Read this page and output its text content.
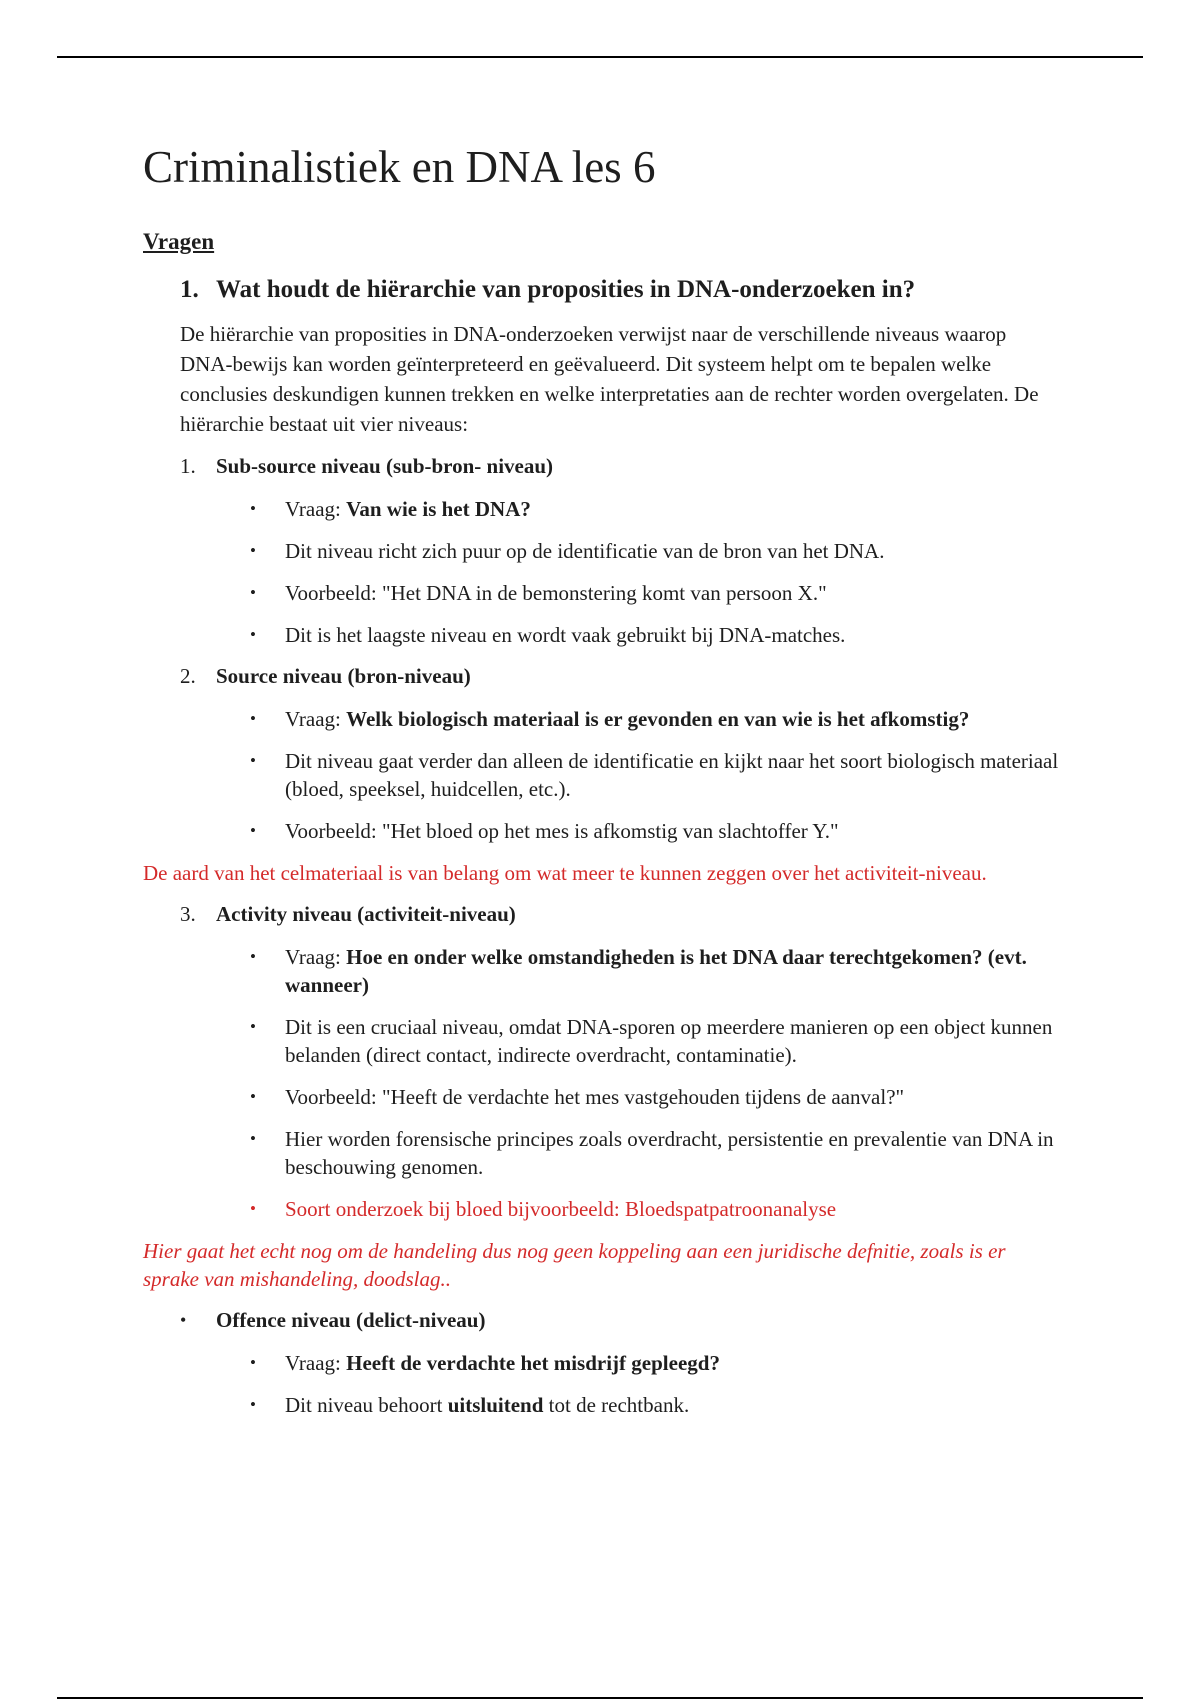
Criminalistiek en DNA les 6
Vragen
1. Wat houdt de hiërarchie van proposities in DNA-onderzoeken in?
De hiërarchie van proposities in DNA-onderzoeken verwijst naar de verschillende niveaus waarop DNA-bewijs kan worden geïnterpreteerd en geëvalueerd. Dit systeem helpt om te bepalen welke conclusies deskundigen kunnen trekken en welke interpretaties aan de rechter worden overgelaten. De hiërarchie bestaat uit vier niveaus:
1. Sub-source niveau (sub-bron- niveau)
• Vraag: Van wie is het DNA?
• Dit niveau richt zich puur op de identificatie van de bron van het DNA.
• Voorbeeld: "Het DNA in de bemonstering komt van persoon X."
• Dit is het laagste niveau en wordt vaak gebruikt bij DNA-matches.
2. Source niveau (bron-niveau)
• Vraag: Welk biologisch materiaal is er gevonden en van wie is het afkomstig?
• Dit niveau gaat verder dan alleen de identificatie en kijkt naar het soort biologisch materiaal (bloed, speeksel, huidcellen, etc.).
• Voorbeeld: "Het bloed op het mes is afkomstig van slachtoffer Y."
De aard van het celmateriaal is van belang om wat meer te kunnen zeggen over het activiteit-niveau.
3. Activity niveau (activiteit-niveau)
• Vraag: Hoe en onder welke omstandigheden is het DNA daar terechtgekomen? (evt. wanneer)
• Dit is een cruciaal niveau, omdat DNA-sporen op meerdere manieren op een object kunnen belanden (direct contact, indirecte overdracht, contaminatie).
• Voorbeeld: "Heeft de verdachte het mes vastgehouden tijdens de aanval?"
• Hier worden forensische principes zoals overdracht, persistentie en prevalentie van DNA in beschouwing genomen.
• Soort onderzoek bij bloed bijvoorbeeld: Bloedspatpatroonanalyse
Hier gaat het echt nog om de handeling dus nog geen koppeling aan een juridische defnitie, zoals is er sprake van mishandeling, doodslag..
•	Offence niveau (delict-niveau)
• Vraag: Heeft de verdachte het misdrijf gepleegd?
• Dit niveau behoort uitsluitend tot de rechtbank.
